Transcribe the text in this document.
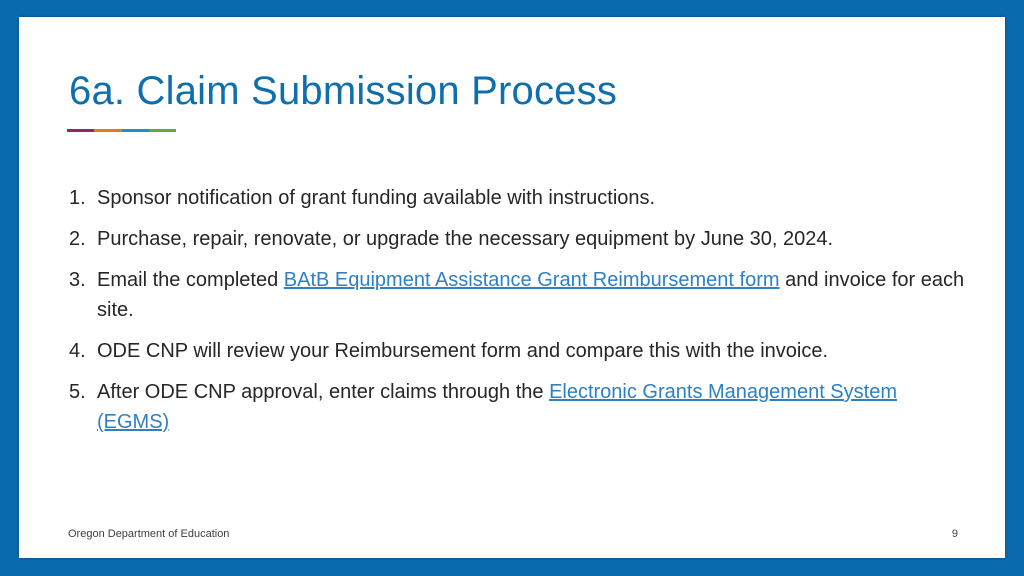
6a. Claim Submission Process
1. Sponsor notification of grant funding available with instructions.
2. Purchase, repair, renovate, or upgrade the necessary equipment by June 30, 2024.
3. Email the completed BAtB Equipment Assistance Grant Reimbursement form and invoice for each site.
4. ODE CNP will review your Reimbursement form and compare this with the invoice.
5. After ODE CNP approval, enter claims through the Electronic Grants Management System (EGMS)
Oregon Department of Education	9
